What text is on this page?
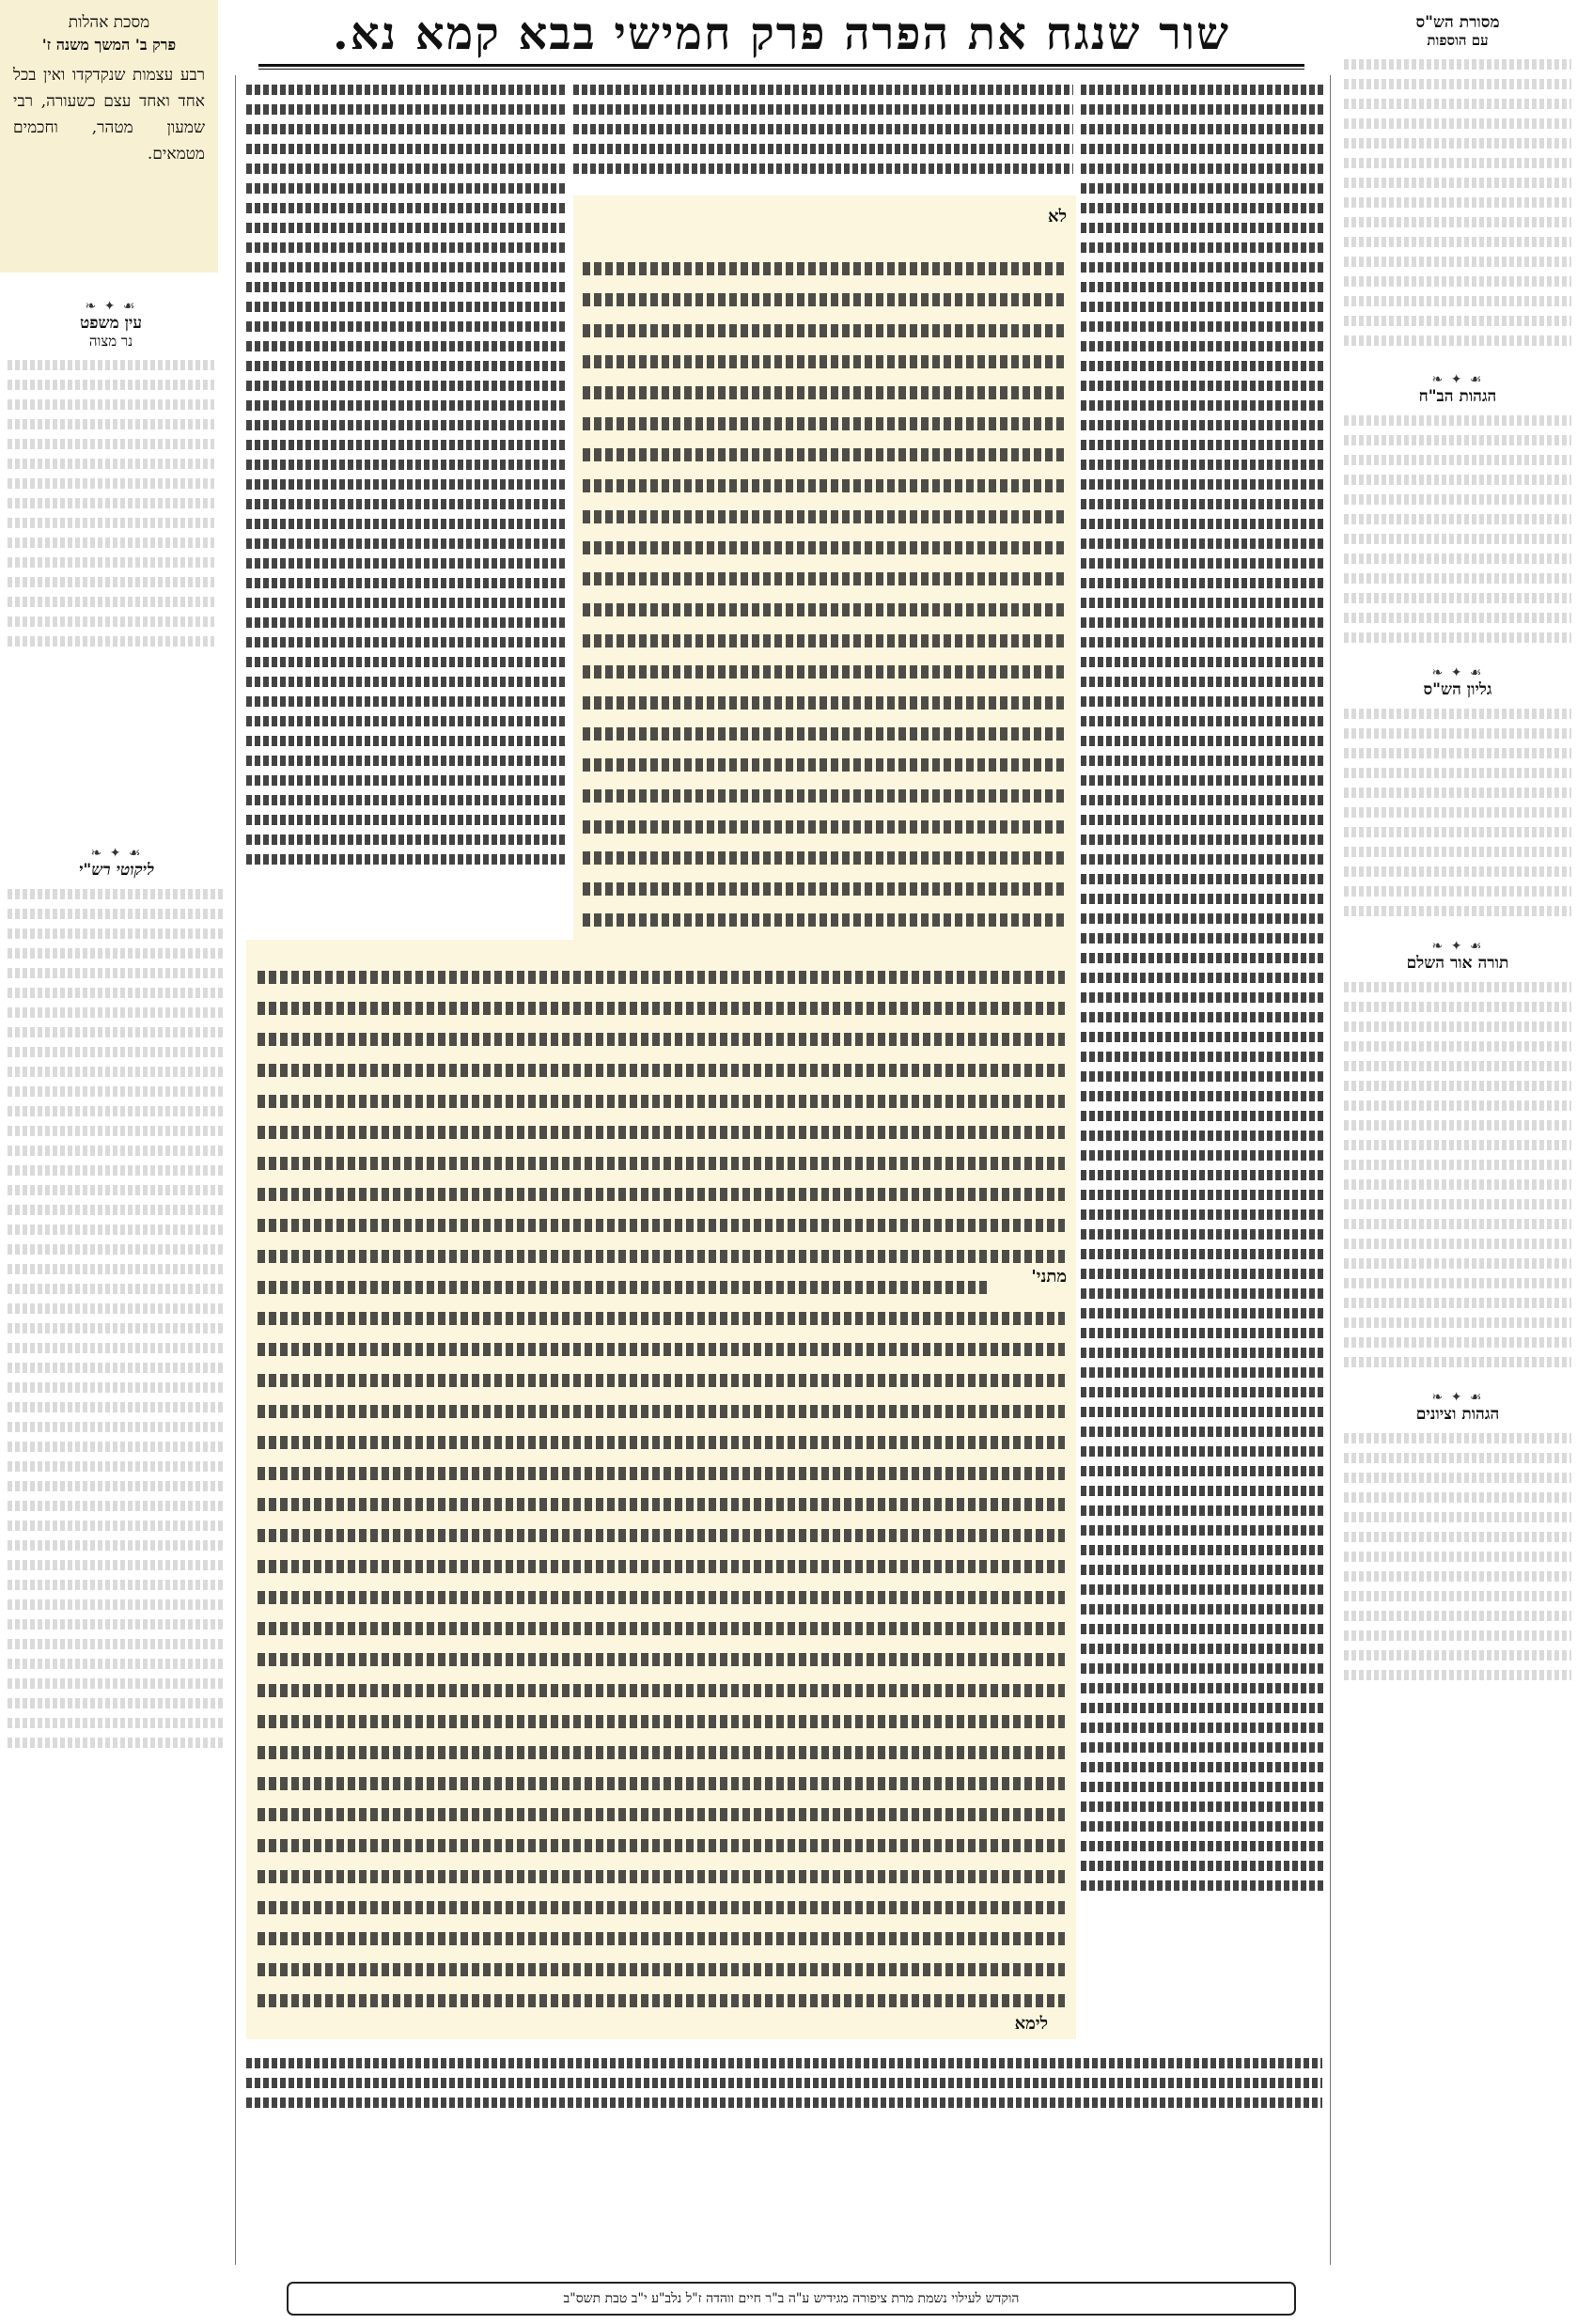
שור שנגח את הפרה פרק חמישי בבא קמא נא.
מסכת אהלות
פרק ב' המשך משנה ז'
רבע עצמות שנקדקדו ואין בכל אחד ואחד עצם כשעורה, רבי שמעון מטהר, וחכמים מטמאים.
❧ ✦ ☙
עין משפט
נר מצוה
❧ ✦ ☙
ליקוטי רש"י
מסורת הש"ס
עם הוספות
❧ ✦ ☙
הגהות הב"ח
❧ ✦ ☙
גליון הש"ס
❧ ✦ ☙
תורה אור השלם
❧ ✦ ☙
הגהות וציונים
לא
מתני'
לימא
הוקדש לעילוי נשמת מרת ציפורה מגידיש ע"ה ב"ר חיים ווהדה ז"ל נלב"ע י"ב טבת תשס"ב
